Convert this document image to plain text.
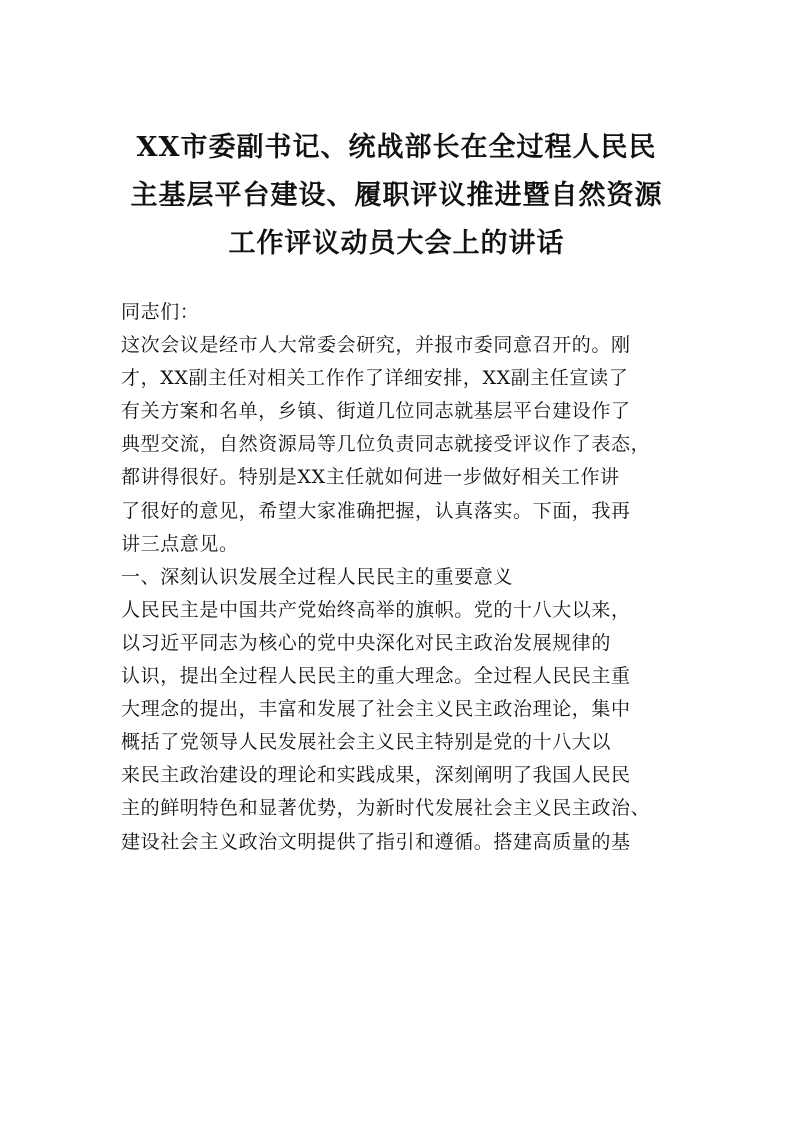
XX市委副书记、统战部长在全过程人民民
主基层平台建设、履职评议推进暨自然资源
工作评议动员大会上的讲话
同志们：
这次会议是经市人大常委会研究，并报市委同意召开的。刚
才，XX副主任对相关工作作了详细安排，XX副主任宣读了
有关方案和名单，乡镇、街道几位同志就基层平台建设作了
典型交流，自然资源局等几位负责同志就接受评议作了表态，
都讲得很好。特别是XX主任就如何进一步做好相关工作讲
了很好的意见，希望大家准确把握，认真落实。下面，我再
讲三点意见。
一、深刻认识发展全过程人民民主的重要意义
人民民主是中国共产党始终高举的旗帜。党的十八大以来，
以习近平同志为核心的党中央深化对民主政治发展规律的
认识，提出全过程人民民主的重大理念。全过程人民民主重
大理念的提出，丰富和发展了社会主义民主政治理论，集中
概括了党领导人民发展社会主义民主特别是党的十八大以
来民主政治建设的理论和实践成果，深刻阐明了我国人民民
主的鲜明特色和显著优势，为新时代发展社会主义民主政治、
建设社会主义政治文明提供了指引和遵循。搭建高质量的基
